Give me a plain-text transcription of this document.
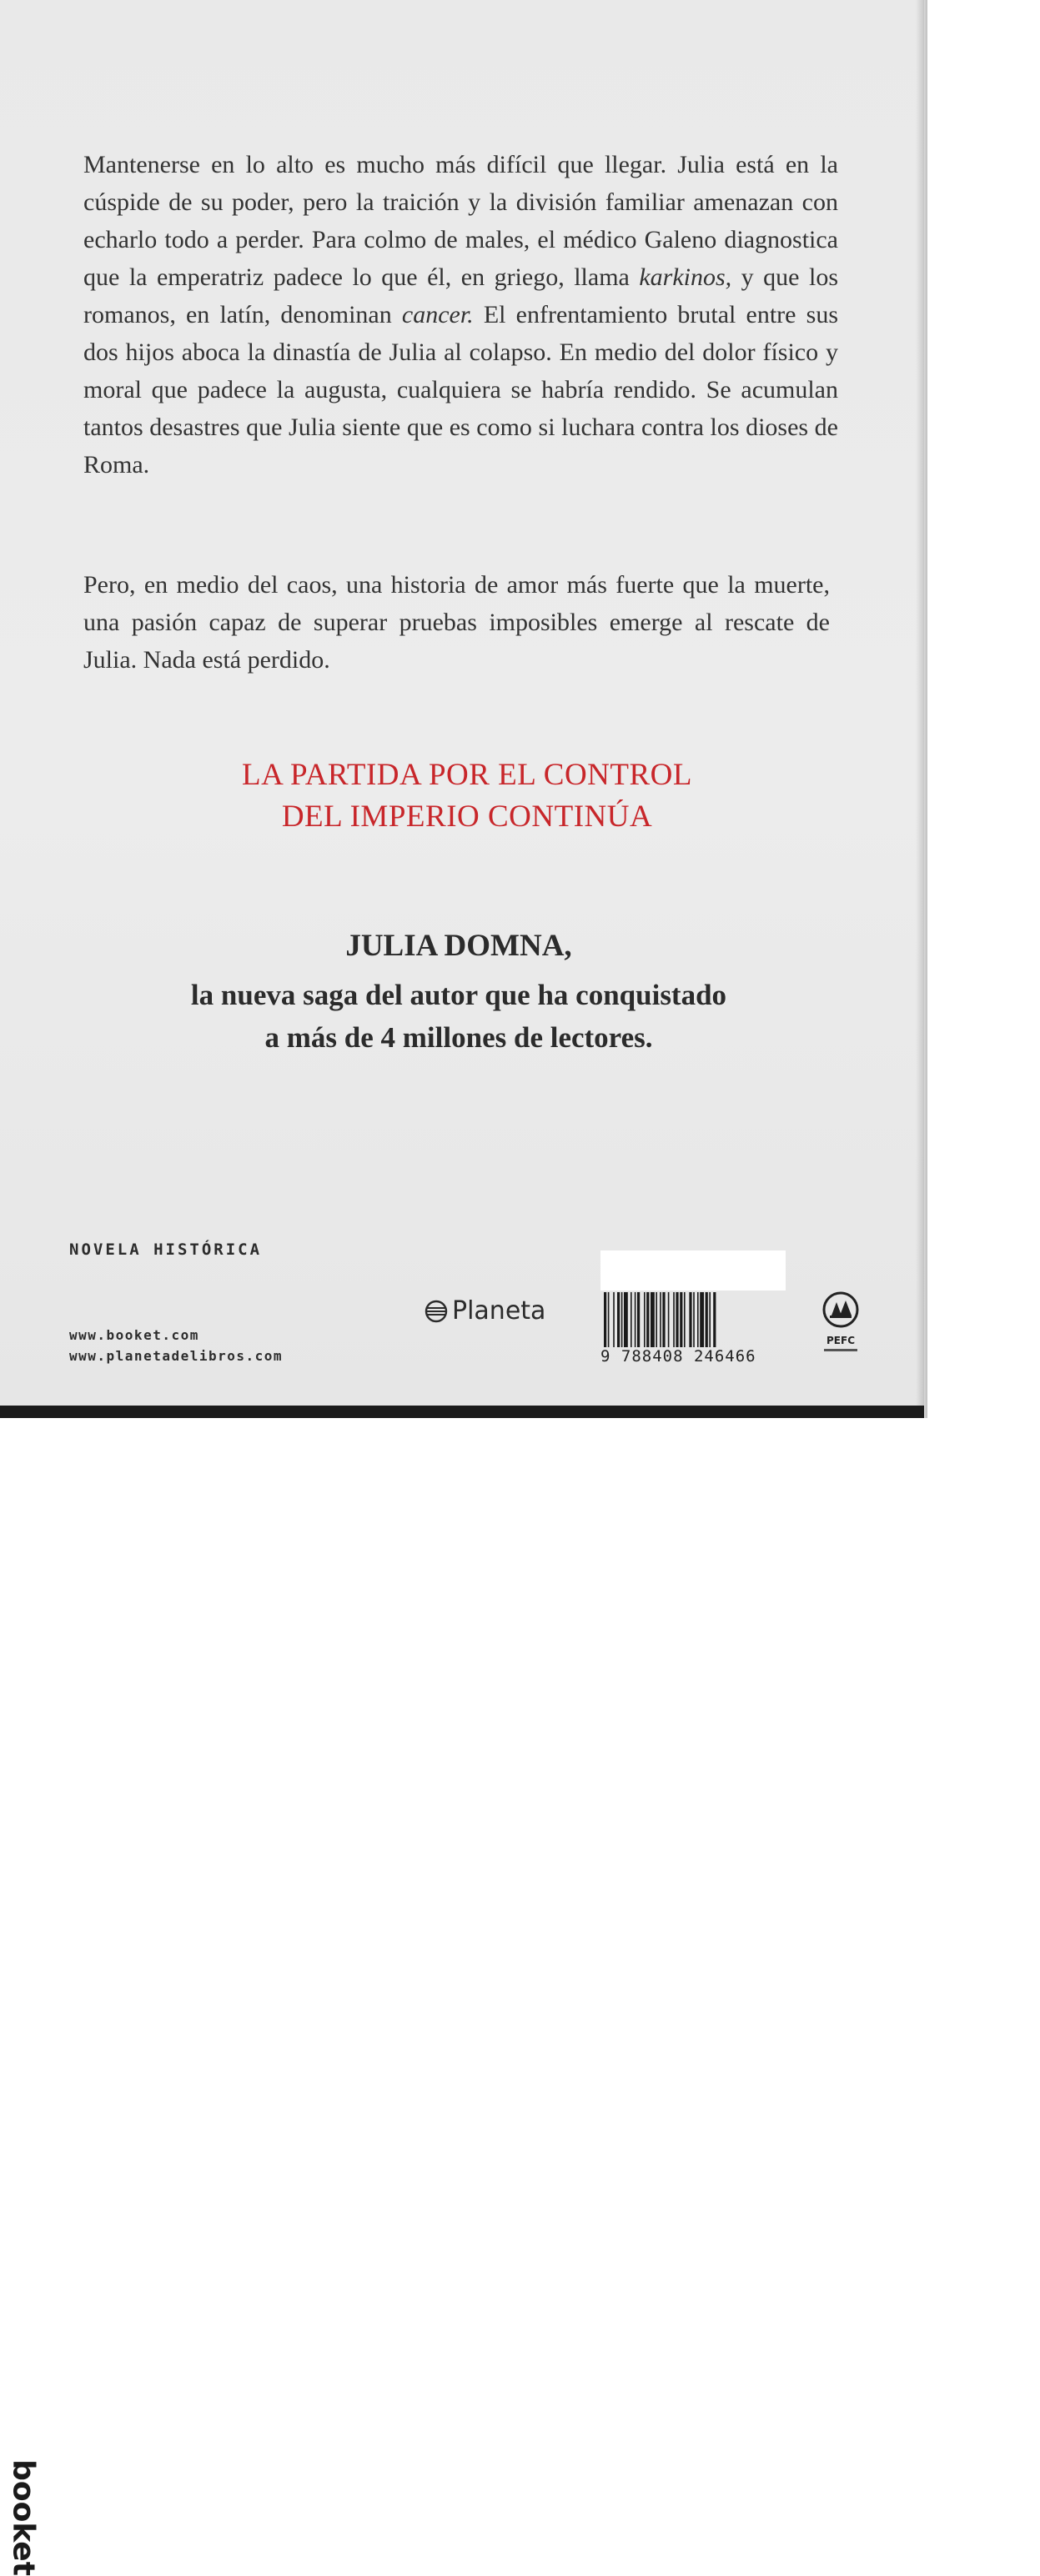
Mantenerse en lo alto es mucho más difícil que llegar. Julia está en la cúspide de su poder, pero la traición y la división familiar amenazan con echarlo todo a perder. Para colmo de males, el médico Galeno diagnostica que la emperatriz padece lo que él, en griego, llama karkinos, y que los romanos, en latín, denominan cancer. El enfrentamiento brutal entre sus dos hijos aboca la dinastía de Julia al colapso. En medio del dolor físico y moral que padece la augusta, cualquiera se habría rendido. Se acumulan tantos desastres que Julia siente que es como si luchara contra los dioses de Roma.

Pero, en medio del caos, una historia de amor más fuerte que la muerte, una pasión capaz de superar pruebas imposibles emerge al rescate de Julia. Nada está perdido.

LA PARTIDA POR EL CONTROL
DEL IMPERIO CONTINÚA
JULIA DOMNA,
la nueva saga del autor que ha conquistado
a más de 4 millones de lectores.
booket
NOVELA HISTÓRICA
www.booket.com
www.planetadelibros.com
Planeta
9 788408 246466
PEFC
